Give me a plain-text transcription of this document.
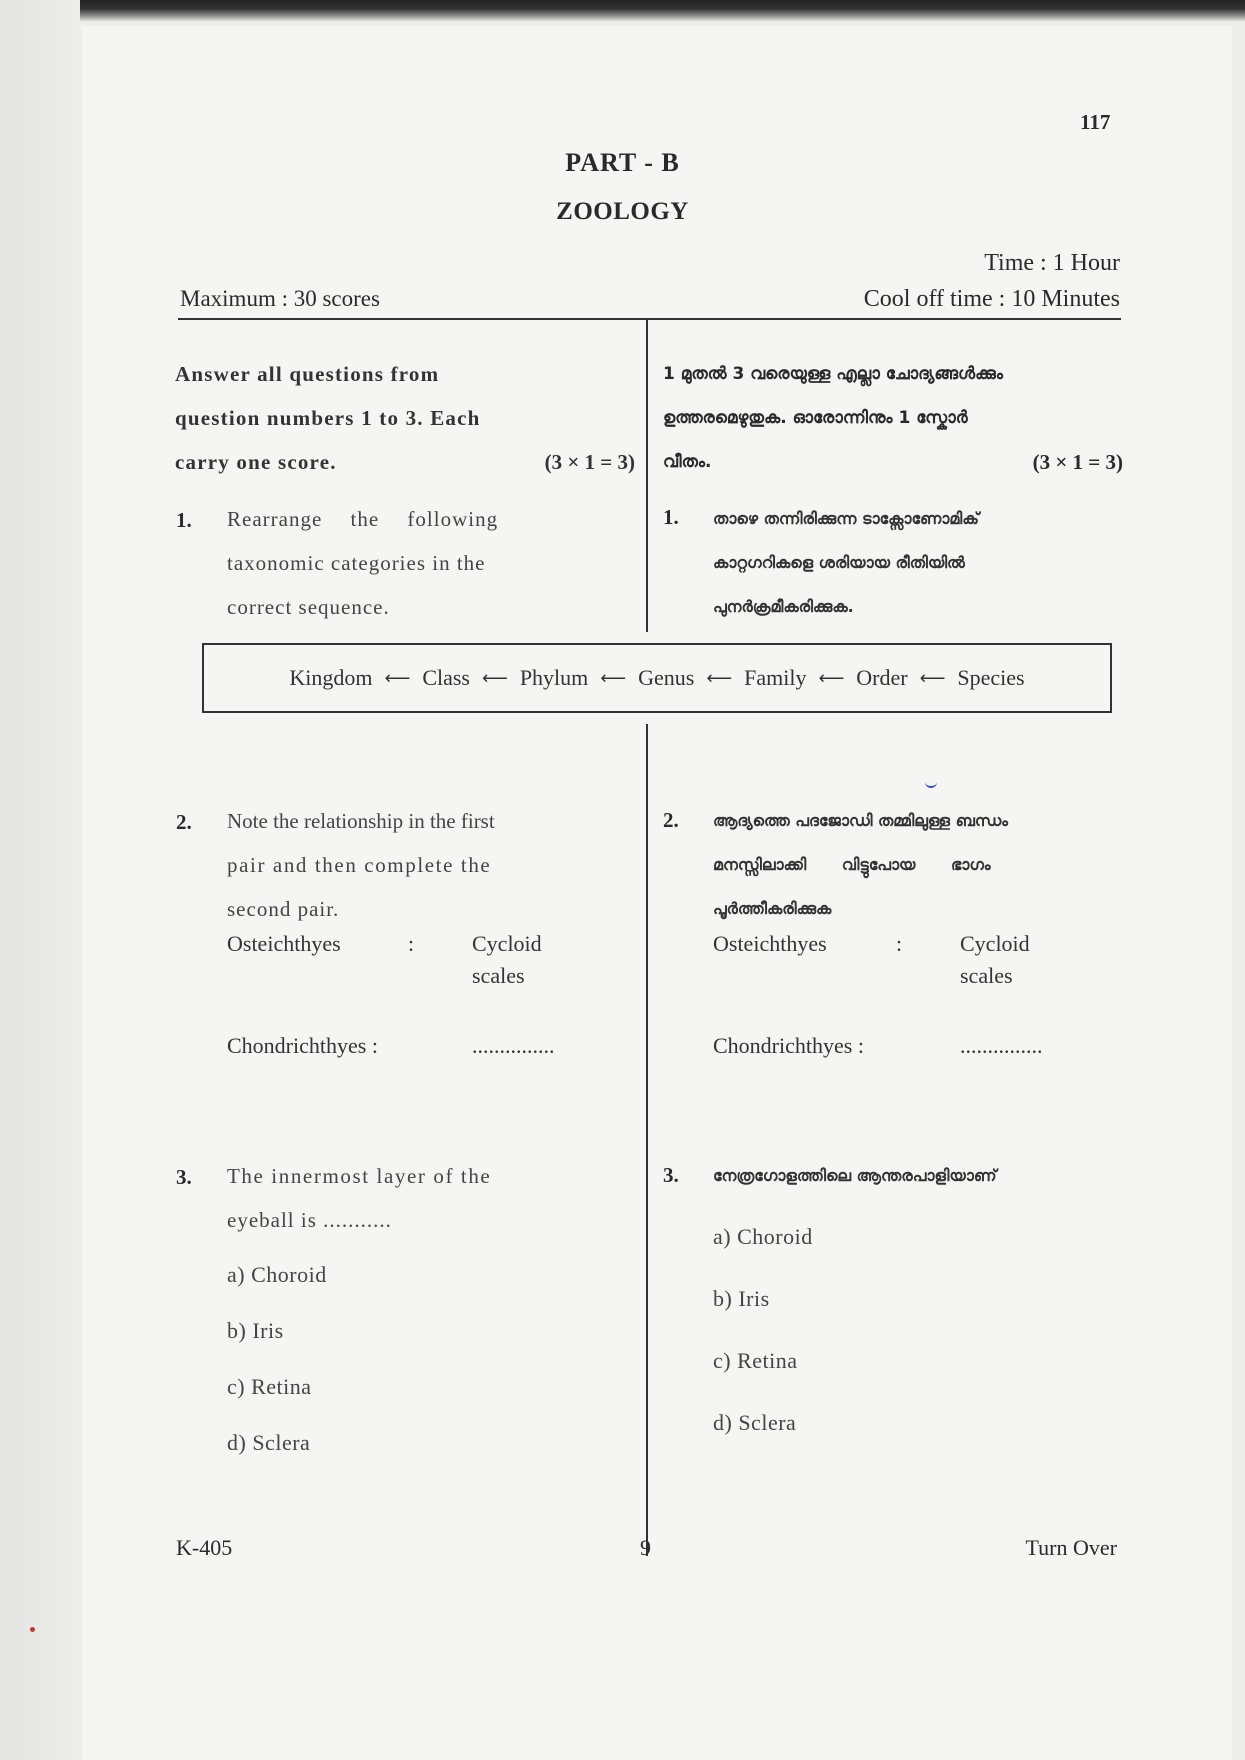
117
PART - B
ZOOLOGY
Time : 1 Hour
Maximum : 30 scores	Cool off time : 10 Minutes
Answer all questions from
question numbers 1 to 3. Each
(3 × 1 = 3)
carry one score.
1 മുതൽ 3 വരെയുള്ള എല്ലാ ചോദ്യങ്ങൾക്കും
ഉത്തരമെഴുതുക. ഓരോന്നിനും 1 സ്കോർ
(3 × 1 = 3)
വീതം.
1. Rearrange the following
taxonomic categories in the
correct sequence.
1. താഴെ തന്നിരിക്കുന്ന ടാക്സോണോമിക്
കാറ്റഗറികളെ ശരിയായ രീതിയിൽ
പുനർക്രമീകരിക്കുക.
Kingdom ⟵ Class ⟵ Phylum ⟵ Genus ⟵ Family ⟵ Order ⟵ Species
2. Note the relationship in the first
pair and then complete the
second pair.
Osteichthyes	:	Cycloid
scales
Chondrichthyes :	...............
2. ആദ്യത്തെ പദജോഡി തമ്മിലുള്ള ബന്ധം
മനസ്സിലാക്കി വിട്ടുപോയ ഭാഗം
പൂർത്തീകരിക്കുക
Osteichthyes	:	Cycloid
scales
Chondrichthyes :	...............
3. The innermost layer of the
eyeball is ...........
a) Choroid
b) Iris
c) Retina
d) Sclera
3. നേത്രഗോളത്തിലെ ആന്തരപാളിയാണ്
a) Choroid
b) Iris
c) Retina
d) Sclera
K-405	9	Turn Over
